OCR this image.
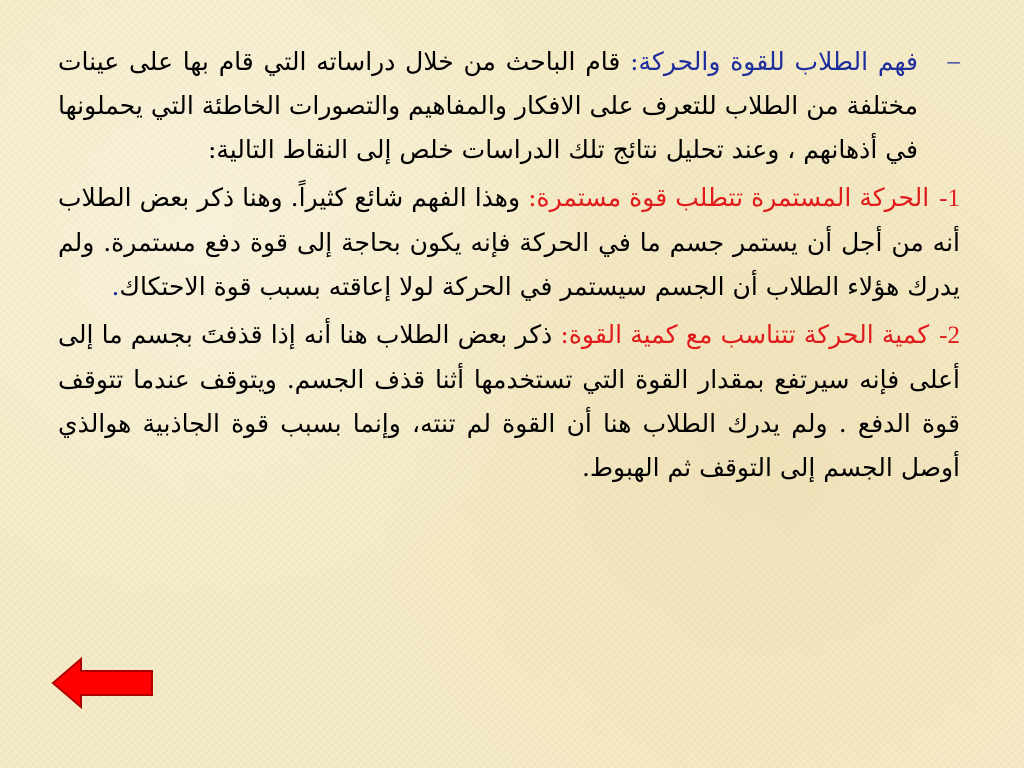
–
فهم الطلاب للقوة والحركة: قام الباحث من خلال دراساته التي قام بها على عينات مختلفة من الطلاب للتعرف على الافكار والمفاهيم والتصورات الخاطئة التي يحملونها في أذهانهم ، وعند تحليل نتائج تلك الدراسات خلص إلى النقاط التالية:

1-الحركة المستمرة تتطلب قوة مستمرة: وهذا الفهم شائع كثيراً. وهنا ذكر بعض الطلاب أنه من أجل أن يستمر جسم ما في الحركة فإنه يكون بحاجة إلى قوة دفع مستمرة. ولم يدرك هؤلاء الطلاب أن الجسم سيستمر في الحركة لولا إعاقته بسبب قوة الاحتكاك.

2-كمية الحركة تتناسب مع كمية القوة: ذكر بعض الطلاب هنا أنه إذا قذفتَ بجسم ما إلى أعلى فإنه سيرتفع بمقدار القوة التي تستخدمها أثنا قذف الجسم. ويتوقف عندما تتوقف قوة الدفع . ولم يدرك الطلاب هنا أن القوة لم تنته، وإنما بسبب قوة الجاذبية هوالذي أوصل الجسم إلى التوقف ثم الهبوط.
